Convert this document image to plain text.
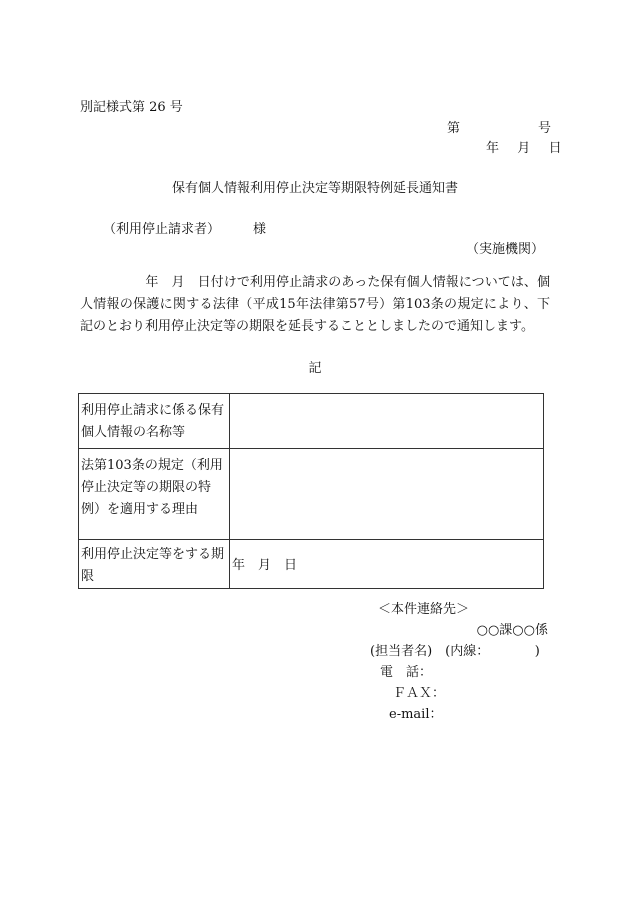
別記様式第 26 号
第	号
年 月 日
保有個人情報利用停止決定等期限特例延長通知書
（利用停止請求者）	様
（実施機関）
　　　　　年　月　日付けで利用停止請求のあった保有個人情報については、個人情報の保護に関する法律（平成15年法律第57号）第103条の規定により、下記のとおり利用停止決定等の期限を延長することとしましたので通知します。
記
利用停止請求に係る保有個人情報の名称等	

法第103条の規定（利用停止決定等の期限の特例）を適用する理由	

利用停止決定等をする期限	年　月　日
＜本件連絡先＞
○○課○○係
(担当者名)　(内線：　　　　)
電　話：
ＦＡＸ：
e-mail：
